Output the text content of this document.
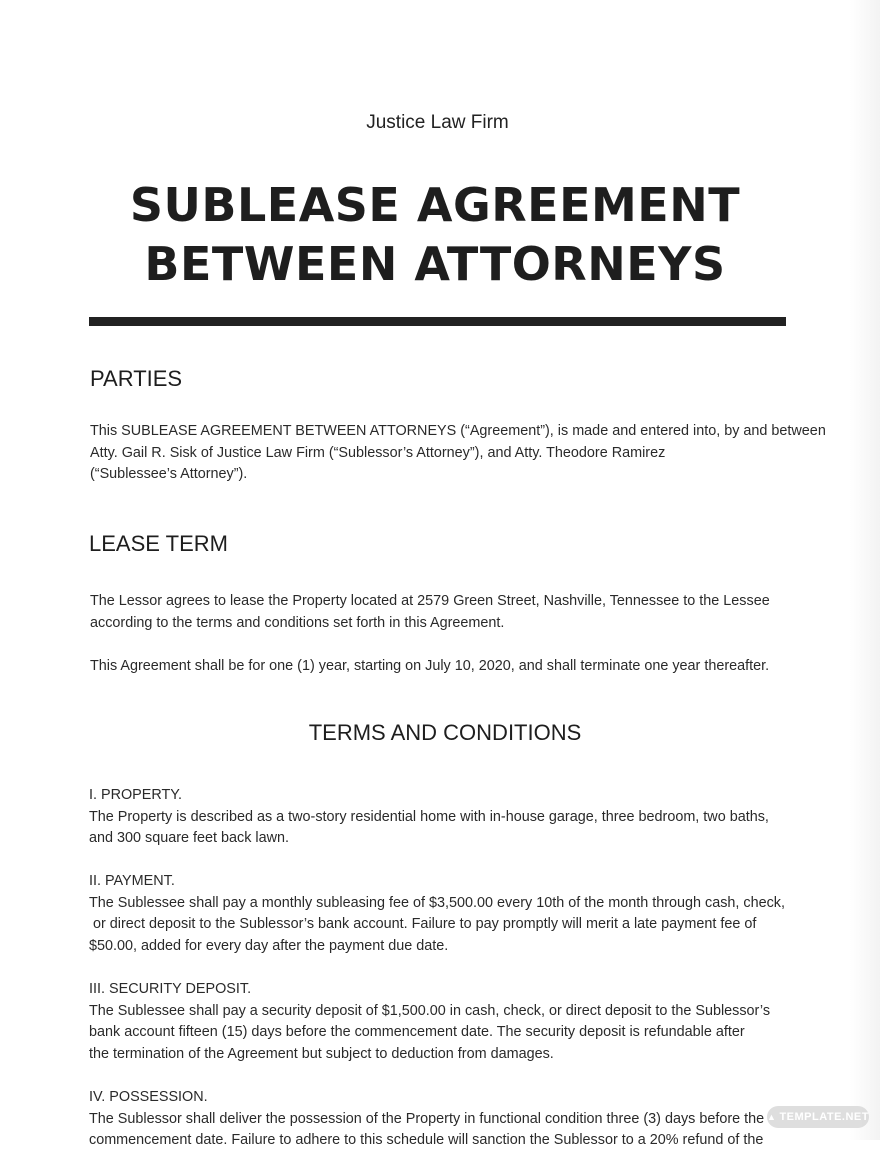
Justice Law Firm
SUBLEASE AGREEMENT
BETWEEN ATTORNEYS
PARTIES

This SUBLEASE AGREEMENT BETWEEN ATTORNEYS (“Agreement”), is made and entered into, by and between
Atty. Gail R. Sisk of Justice Law Firm (“Sublessor’s Attorney”), and Atty. Theodore Ramirez
(“Sublessee’s Attorney”).

LEASE TERM

The Lessor agrees to lease the Property located at 2579 Green Street, Nashville, Tennessee to the Lessee
according to the terms and conditions set forth in this Agreement.

This Agreement shall be for one (1) year, starting on July 10, 2020, and shall terminate one year thereafter.

TERMS AND CONDITIONS
I. PROPERTY.
The Property is described as a two-story residential home with in-house garage, three bedroom, two baths,
and 300 square feet back lawn.
II. PAYMENT.
The Sublessee shall pay a monthly subleasing fee of $3,500.00 every 10th of the month through cash, check,
or direct deposit to the Sublessor’s bank account. Failure to pay promptly will merit a late payment fee of
$50.00, added for every day after the payment due date.
III. SECURITY DEPOSIT.
The Sublessee shall pay a security deposit of $1,500.00 in cash, check, or direct deposit to the Sublessor’s
bank account fifteen (15) days before the commencement date. The security deposit is refundable after
the termination of the Agreement but subject to deduction from damages.
IV. POSSESSION.
The Sublessor shall deliver the possession of the Property in functional condition three (3) days before the
commencement date. Failure to adhere to this schedule will sanction the Sublessor to a 20% refund of the
▲ TEMPLATE.NET
